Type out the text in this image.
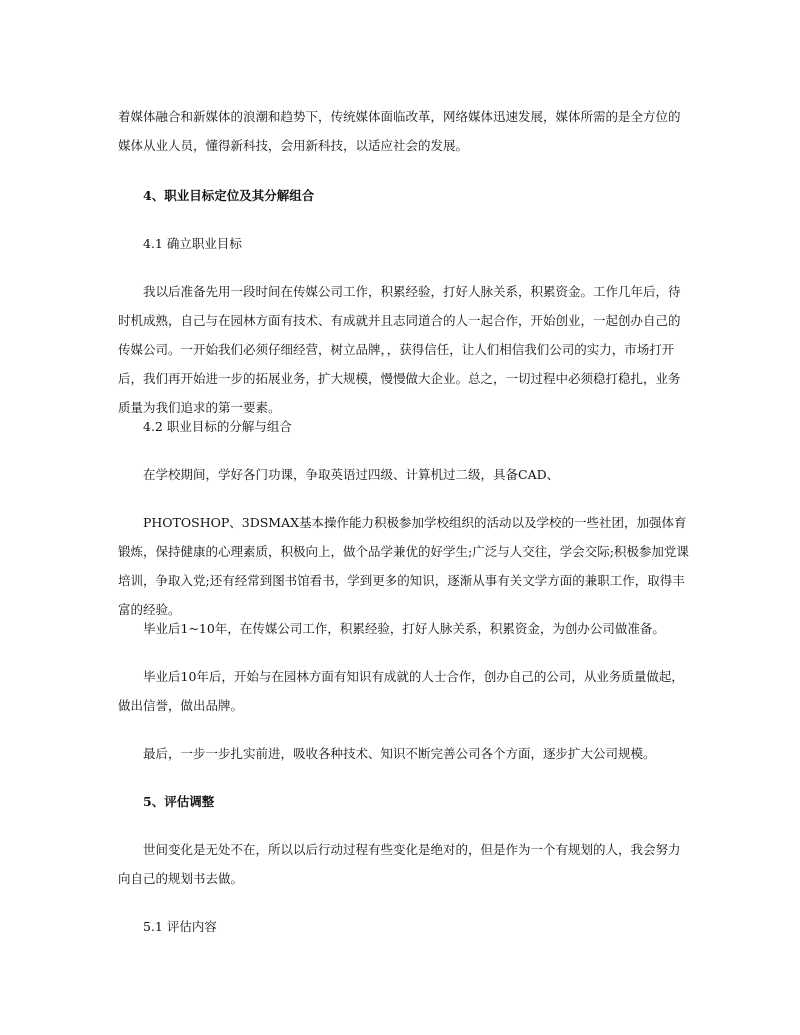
着媒体融合和新媒体的浪潮和趋势下，传统媒体面临改革，网络媒体迅速发展，媒体所需的是全方位的媒体从业人员，懂得新科技，会用新科技，以适应社会的发展。

4、职业目标定位及其分解组合

4.1 确立职业目标

我以后准备先用一段时间在传媒公司工作，积累经验，打好人脉关系，积累资金。工作几年后，待时机成熟，自己与在园林方面有技术、有成就并且志同道合的人一起合作，开始创业，一起创办自己的传媒公司。一开始我们必须仔细经营，树立品牌，，获得信任，让人们相信我们公司的实力，市场打开后，我们再开始进一步的拓展业务，扩大规模，慢慢做大企业。总之，一切过程中必须稳打稳扎，业务质量为我们追求的第一要素。

4.2 职业目标的分解与组合

在学校期间，学好各门功课，争取英语过四级、计算机过二级，具备CAD、

PHOTOSHOP、3DSMAX基本操作能力积极参加学校组织的活动以及学校的一些社团，加强体育锻炼，保持健康的心理素质，积极向上，做个品学兼优的好学生;广泛与人交往，学会交际;积极参加党课培训，争取入党;还有经常到图书馆看书，学到更多的知识，逐渐从事有关文学方面的兼职工作，取得丰富的经验。

毕业后1~10年，在传媒公司工作，积累经验，打好人脉关系，积累资金，为创办公司做准备。

毕业后10年后，开始与在园林方面有知识有成就的人士合作，创办自己的公司，从业务质量做起，做出信誉，做出品牌。

最后，一步一步扎实前进，吸收各种技术、知识不断完善公司各个方面，逐步扩大公司规模。

5、评估调整

世间变化是无处不在，所以以后行动过程有些变化是绝对的，但是作为一个有规划的人，我会努力向自己的规划书去做。

5.1 评估内容
